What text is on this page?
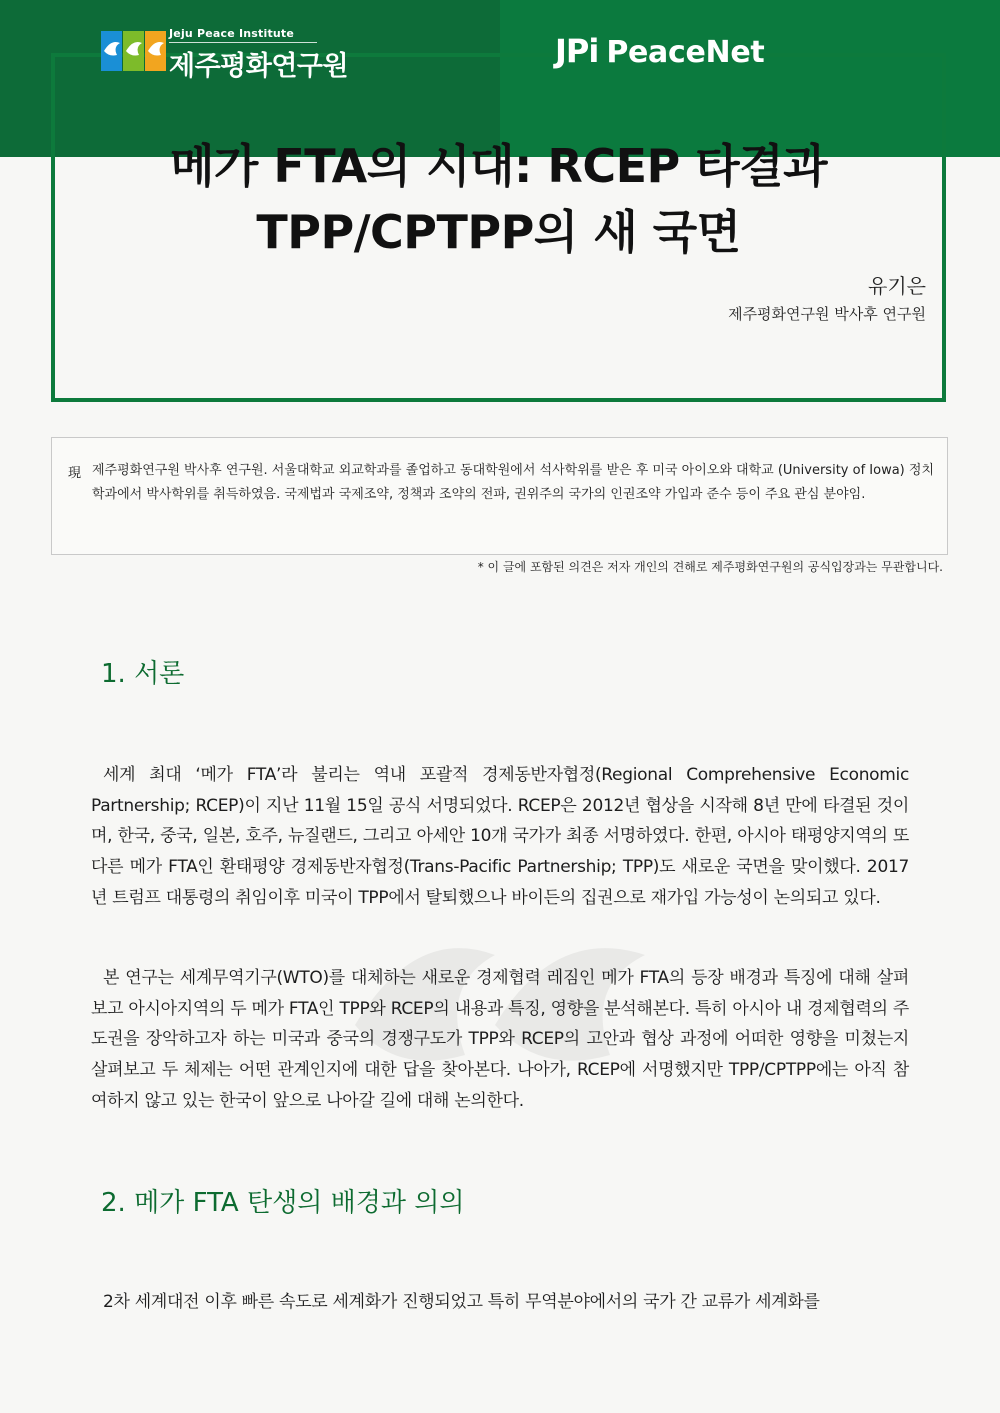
Jeju Peace Institute
제주평화연구원	JPi PeaceNet
메가 FTA의 시대: RCEP 타결과
TPP/CPTPP의 새 국면
유기은
제주평화연구원 박사후 연구원
現 제주평화연구원 박사후 연구원. 서울대학교 외교학과를 졸업하고 동대학원에서 석사학위를 받은 후 미국 아이오와 대학교 (University of Iowa) 정치학과에서 박사학위를 취득하였음. 국제법과 국제조약, 정책과 조약의 전파, 권위주의 국가의 인권조약 가입과 준수 등이 주요 관심 분야임.
* 이 글에 포함된 의견은 저자 개인의 견해로 제주평화연구원의 공식입장과는 무관합니다.
1. 서론
세계 최대 ‘메가 FTA’라 불리는 역내 포괄적 경제동반자협정(Regional Comprehensive Economic Partnership; RCEP)이 지난 11월 15일 공식 서명되었다. RCEP은 2012년 협상을 시작해 8년 만에 타결된 것이며, 한국, 중국, 일본, 호주, 뉴질랜드, 그리고 아세안 10개 국가가 최종 서명하였다. 한편, 아시아 태평양지역의 또 다른 메가 FTA인 환태평양 경제동반자협정(Trans-Pacific Partnership; TPP)도 새로운 국면을 맞이했다. 2017년 트럼프 대통령의 취임이후 미국이 TPP에서 탈퇴했으나 바이든의 집권으로 재가입 가능성이 논의되고 있다.
본 연구는 세계무역기구(WTO)를 대체하는 새로운 경제협력 레짐인 메가 FTA의 등장 배경과 특징에 대해 살펴보고 아시아지역의 두 메가 FTA인 TPP와 RCEP의 내용과 특징, 영향을 분석해본다. 특히 아시아 내 경제협력의 주도권을 장악하고자 하는 미국과 중국의 경쟁구도가 TPP와 RCEP의 고안과 협상 과정에 어떠한 영향을 미쳤는지 살펴보고 두 체제는 어떤 관계인지에 대한 답을 찾아본다. 나아가, RCEP에 서명했지만 TPP/CPTPP에는 아직 참여하지 않고 있는 한국이 앞으로 나아갈 길에 대해 논의한다.
2. 메가 FTA 탄생의 배경과 의의
2차 세계대전 이후 빠른 속도로 세계화가 진행되었고 특히 무역분야에서의 국가 간 교류가 세계화를
